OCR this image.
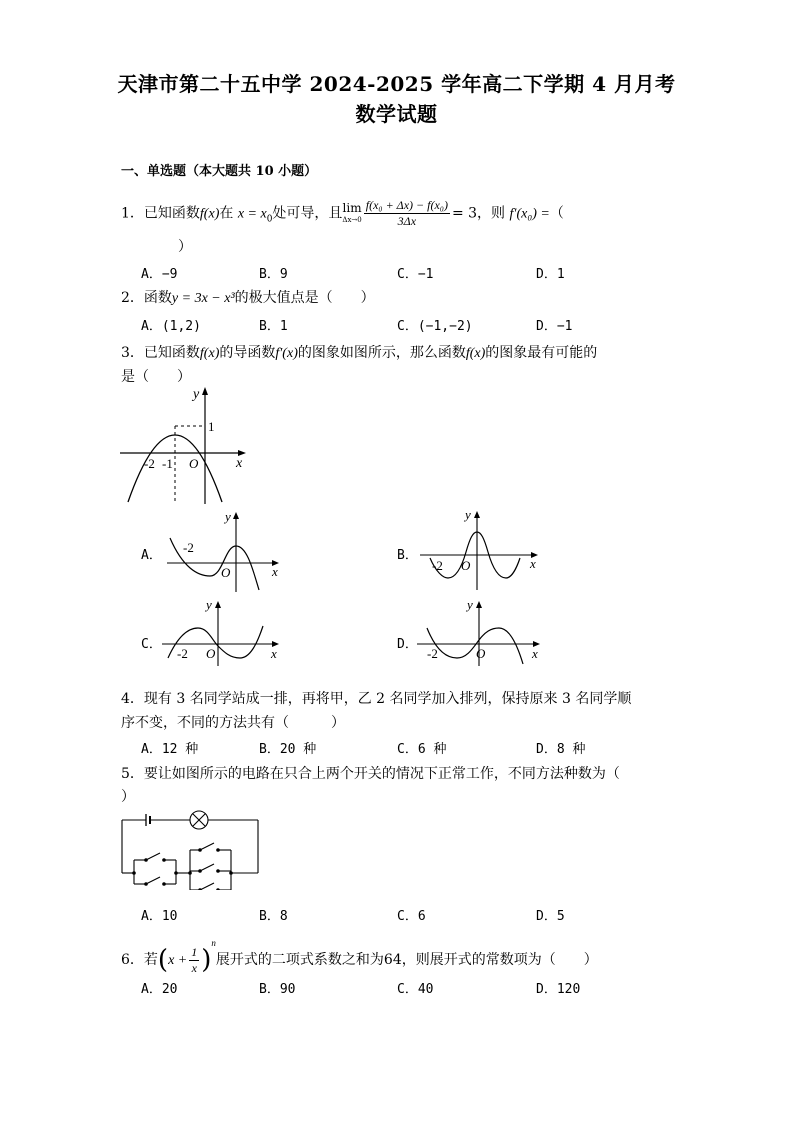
天津市第二十五中学 2024-2025 学年高二下学期 4 月月考
数学试题
一、单选题（本大题共 10 小题）
1．已知函数f(x)在 $x = x_0$处可导，且lim
$\Delta x\to 0 \frac{\text{f(x₀ + Δx) − f(x₀)}}{3\Delta x} = 3$，则 f′(x₀) =（
）
A．−9	B．9	C．−1	D．1
2．函数y = 3x − x³的极大值点是（　　）
A．(1,2)	B．1	C．(−1,−2)	D．−1
3．已知函数f(x)的导函数f′(x)的图象如图所示，那么函数f(x)的图象最有可能的
是（　　）
y
x
1
-2 -1 O
A．
y
x
-2
O
B．
y
x
-2 O
C．
y
x
-2 O
D．
y
x
-2	O
4．现有 3 名同学站成一排，再将甲，乙 2 名同学加入排列，保持原来 3 名同学顺
序不变，不同的方法共有（　　　）
A．12 种	B．20 种	C．6 种	D．8 种
5．要让如图所示的电路在只合上两个开关的情况下正常工作，不同方法种数为（
）
A．10	B．8	C．6	D．5
6．若$(x + \frac{1}{x} )^n$展开式的二项式系数之和为64，则展开式的常数项为（　　）
A．20	B．90	C．40	D．120
